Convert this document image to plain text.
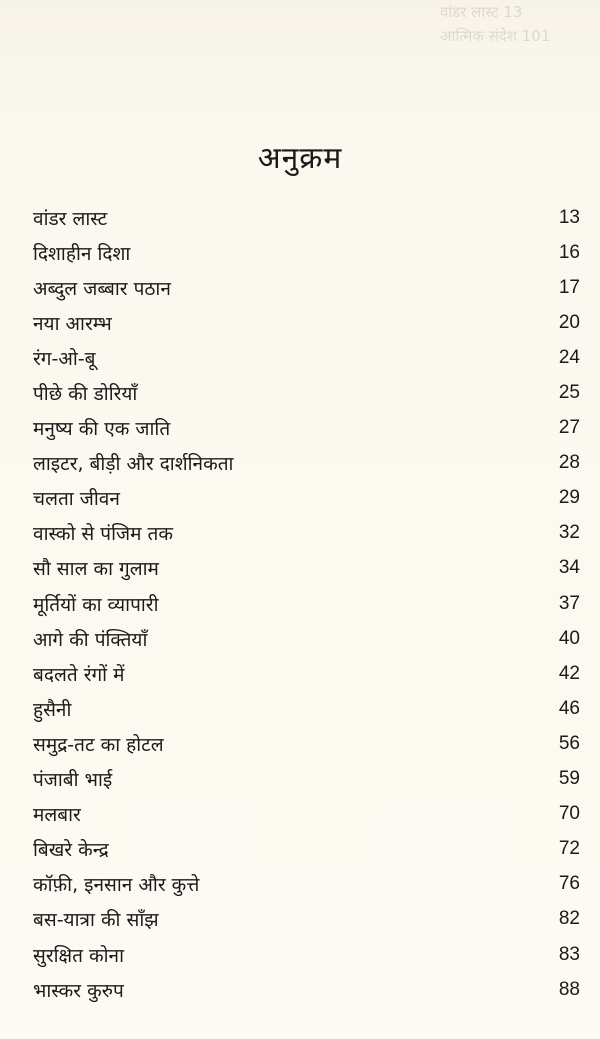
वांडर लास्ट 13
आत्मिक संदेश 101
अनुक्रम
वांडर लास्ट	13
दिशाहीन दिशा	16
अब्दुल जब्बार पठान	17
नया आरम्भ	20
रंग-ओ-बू	24
पीछे की डोरियाँ	25
मनुष्य की एक जाति	27
लाइटर, बीड़ी और दार्शनिकता	28
चलता जीवन	29
वास्को से पंजिम तक	32
सौ साल का गुलाम	34
मूर्तियों का व्यापारी	37
आगे की पंक्तियाँ	40
बदलते रंगों में	42
हुसैनी	46
समुद्र-तट का होटल	56
पंजाबी भाई	59
मलबार	70
बिखरे केन्द्र	72
कॉफ़ी, इनसान और कुत्ते	76
बस-यात्रा की साँझ	82
सुरक्षित कोना	83
भास्कर कुरुप	88
